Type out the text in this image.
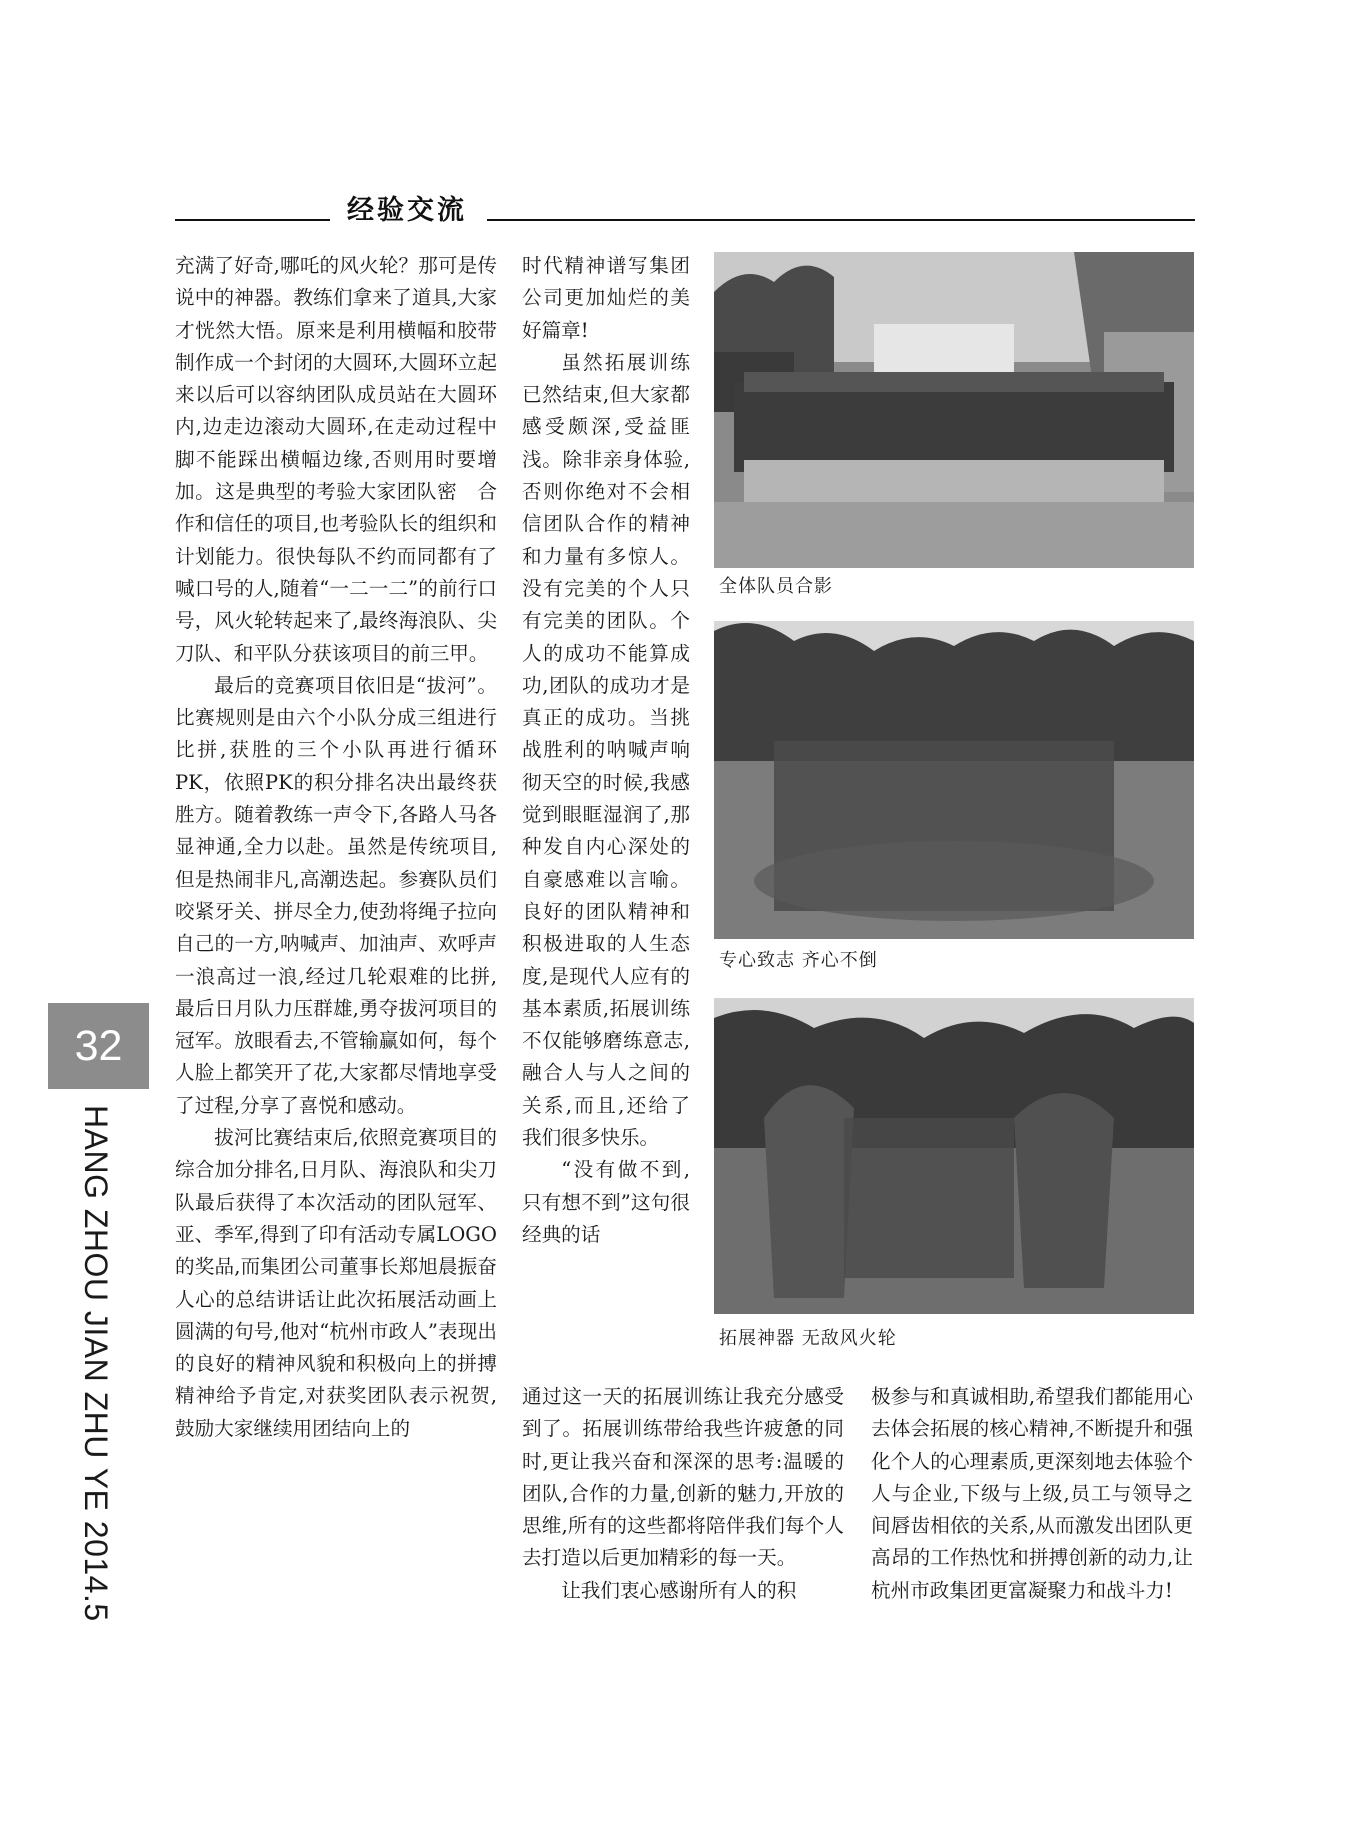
经验交流

充满了好奇,哪吒的风火轮？那可是传说中的神器。教练们拿来了道具,大家才恍然大悟。原来是利用横幅和胶带制作成一个封闭的大圆环,大圆环立起来以后可以容纳团队成员站在大圆环内,边走边滚动大圆环,在走动过程中脚不能踩出横幅边缘,否则用时要增加。这是典型的考验大家团队密　合作和信任的项目,也考验队长的组织和计划能力。很快每队不约而同都有了喊口号的人,随着“一二一二”的前行口号，风火轮转起来了,最终海浪队、尖刀队、和平队分获该项目的前三甲。

最后的竞赛项目依旧是“拔河”。比赛规则是由六个小队分成三组进行比拼,获胜的三个小队再进行循环PK，依照PK的积分排名决出最终获胜方。随着教练一声令下,各路人马各显神通,全力以赴。虽然是传统项目,但是热闹非凡,高潮迭起。参赛队员们咬紧牙关、拼尽全力,使劲将绳子拉向自己的一方,呐喊声、加油声、欢呼声一浪高过一浪,经过几轮艰难的比拼,最后日月队力压群雄,勇夺拔河项目的冠军。放眼看去,不管输赢如何，每个人脸上都笑开了花,大家都尽情地享受了过程,分享了喜悦和感动。

拔河比赛结束后,依照竞赛项目的综合加分排名,日月队、海浪队和尖刀队最后获得了本次活动的团队冠军、亚、季军,得到了印有活动专属LOGO的奖品,而集团公司董事长郑旭晨振奋人心的总结讲话让此次拓展活动画上圆满的句号,他对“杭州市政人”表现出的良好的精神风貌和积极向上的拼搏精神给予肯定,对获奖团队表示祝贺,鼓励大家继续用团结向上的

时代精神谱写集团公司更加灿烂的美好篇章!

虽然拓展训练已然结束,但大家都感受颇深,受益匪浅。除非亲身体验,否则你绝对不会相信团队合作的精神和力量有多惊人。没有完美的个人只有完美的团队。个人的成功不能算成功,团队的成功才是真正的成功。当挑战胜利的呐喊声响彻天空的时候,我感觉到眼眶湿润了,那种发自内心深处的自豪感难以言喻。良好的团队精神和积极进取的人生态度,是现代人应有的基本素质,拓展训练不仅能够磨练意志,融合人与人之间的关系,而且,还给了我们很多快乐。

“没有做不到,只有想不到”这句很经典的话

全体队员合影
专心致志 齐心不倒
拓展神器 无敌风火轮

通过这一天的拓展训练让我充分感受到了。拓展训练带给我些许疲惫的同时,更让我兴奋和深深的思考:温暖的团队,合作的力量,创新的魅力,开放的思维,所有的这些都将陪伴我们每个人去打造以后更加精彩的每一天。

让我们衷心感谢所有人的积

极参与和真诚相助,希望我们都能用心去体会拓展的核心精神,不断提升和强化个人的心理素质,更深刻地去体验个人与企业,下级与上级,员工与领导之间唇齿相依的关系,从而激发出团队更高昂的工作热忱和拼搏创新的动力,让杭州市政集团更富凝聚力和战斗力!

32
HANG ZHOU JIAN ZHU YE 2014.5
